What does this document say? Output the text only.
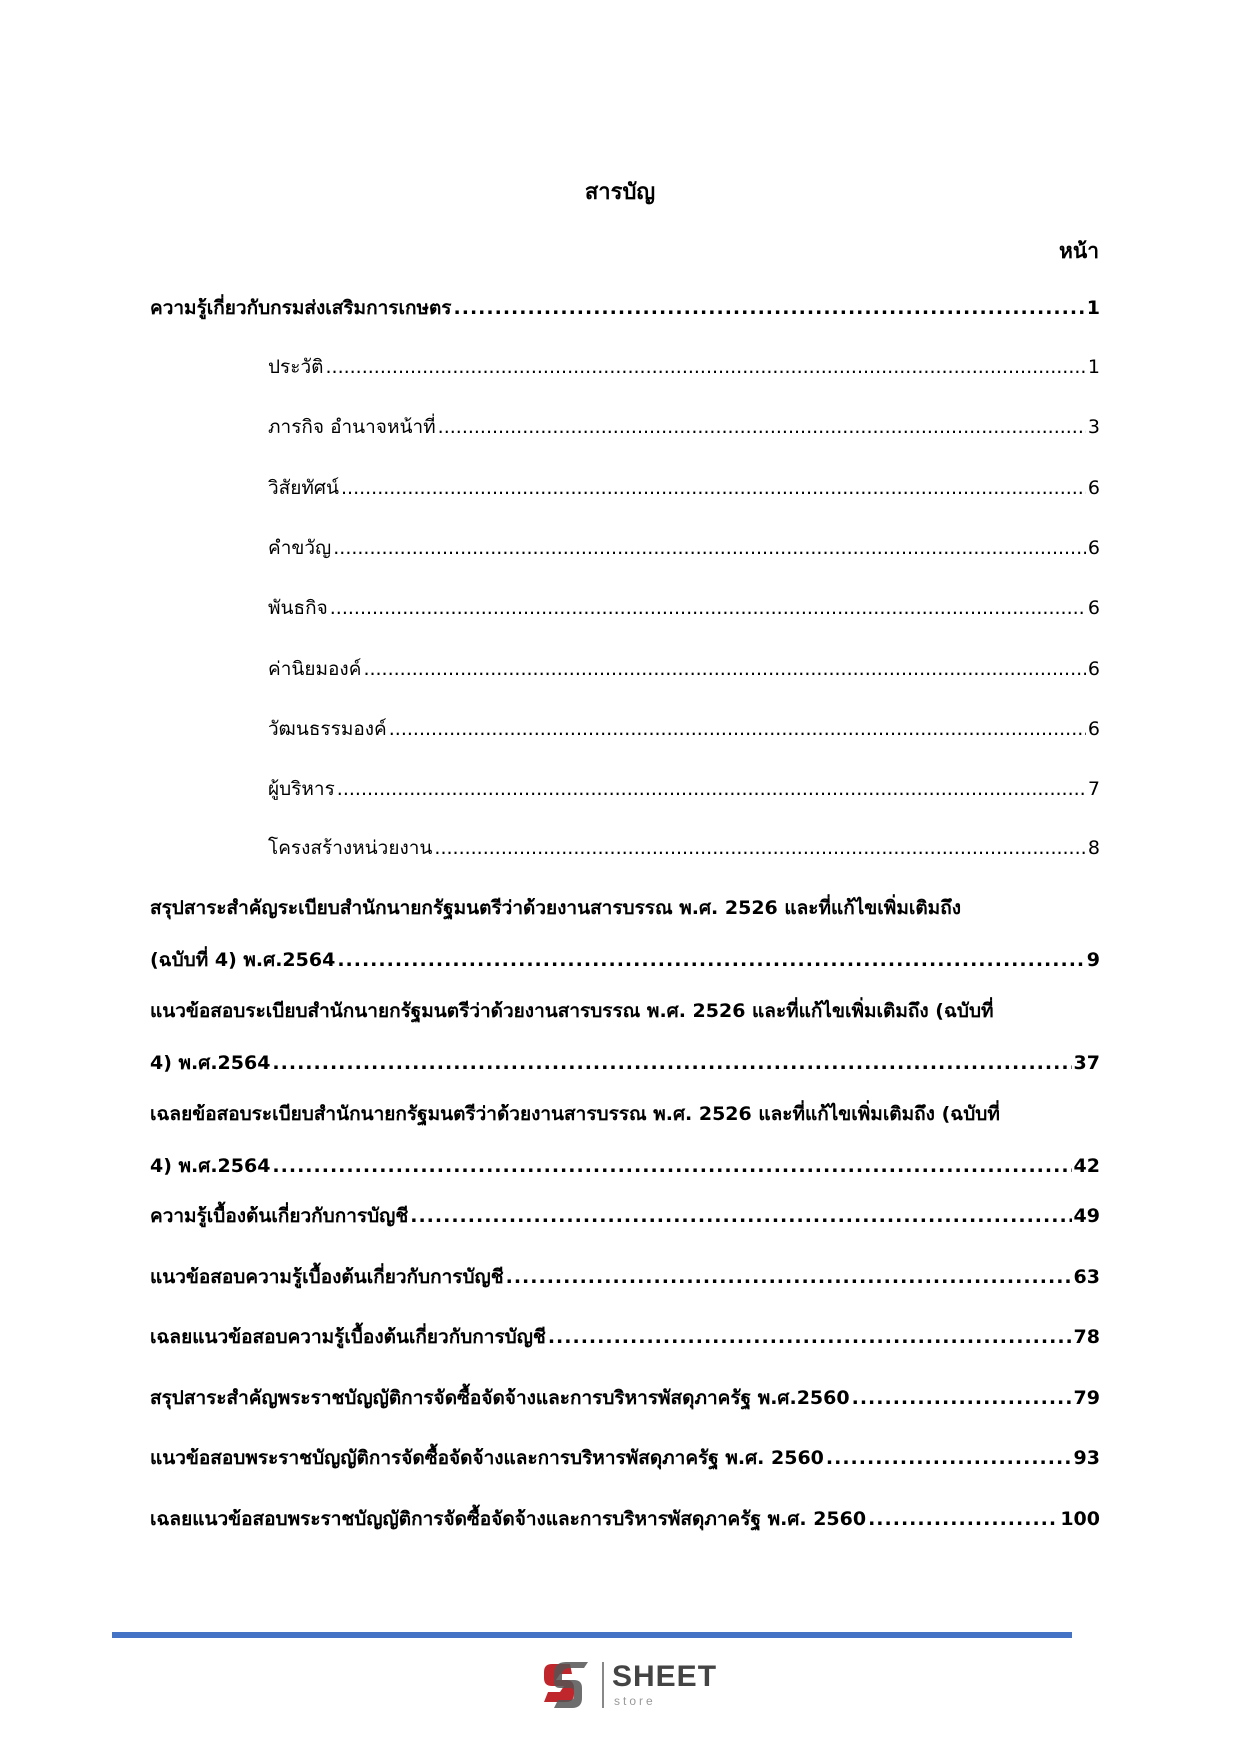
สารบัญ
หน้า
ความรู้เกี่ยวกับกรมส่งเสริมการเกษตร .....	1
ประวัติ .....	1
ภารกิจ อำนาจหน้าที่ .....	3
วิสัยทัศน์ .....	6
คำขวัญ .....	6
พันธกิจ .....	6
ค่านิยมองค์ .....	6
วัฒนธรรมองค์ .....	6
ผู้บริหาร .....	7
โครงสร้างหน่วยงาน .....	8
สรุปสาระสำคัญระเบียบสำนักนายกรัฐมนตรีว่าด้วยงานสารบรรณ พ.ศ. 2526 และที่แก้ไขเพิ่มเติมถึง
(ฉบับที่ 4) พ.ศ.2564 .....	9
แนวข้อสอบระเบียบสำนักนายกรัฐมนตรีว่าด้วยงานสารบรรณ พ.ศ. 2526 และที่แก้ไขเพิ่มเติมถึง (ฉบับที่
4) พ.ศ.2564 .....	37
เฉลยข้อสอบระเบียบสำนักนายกรัฐมนตรีว่าด้วยงานสารบรรณ พ.ศ. 2526 และที่แก้ไขเพิ่มเติมถึง (ฉบับที่
4) พ.ศ.2564 .....	42
ความรู้เบื้องต้นเกี่ยวกับการบัญชี .....	49
แนวข้อสอบความรู้เบื้องต้นเกี่ยวกับการบัญชี .....	63
เฉลยแนวข้อสอบความรู้เบื้องต้นเกี่ยวกับการบัญชี .....	78
สรุปสาระสำคัญพระราชบัญญัติการจัดซื้อจัดจ้างและการบริหารพัสดุภาครัฐ พ.ศ.2560 .....	79
แนวข้อสอบพระราชบัญญัติการจัดซื้อจัดจ้างและการบริหารพัสดุภาครัฐ พ.ศ. 2560 .....	93
เฉลยแนวข้อสอบพระราชบัญญัติการจัดซื้อจัดจ้างและการบริหารพัสดุภาครัฐ พ.ศ. 2560 .....	100
SHEET
store
